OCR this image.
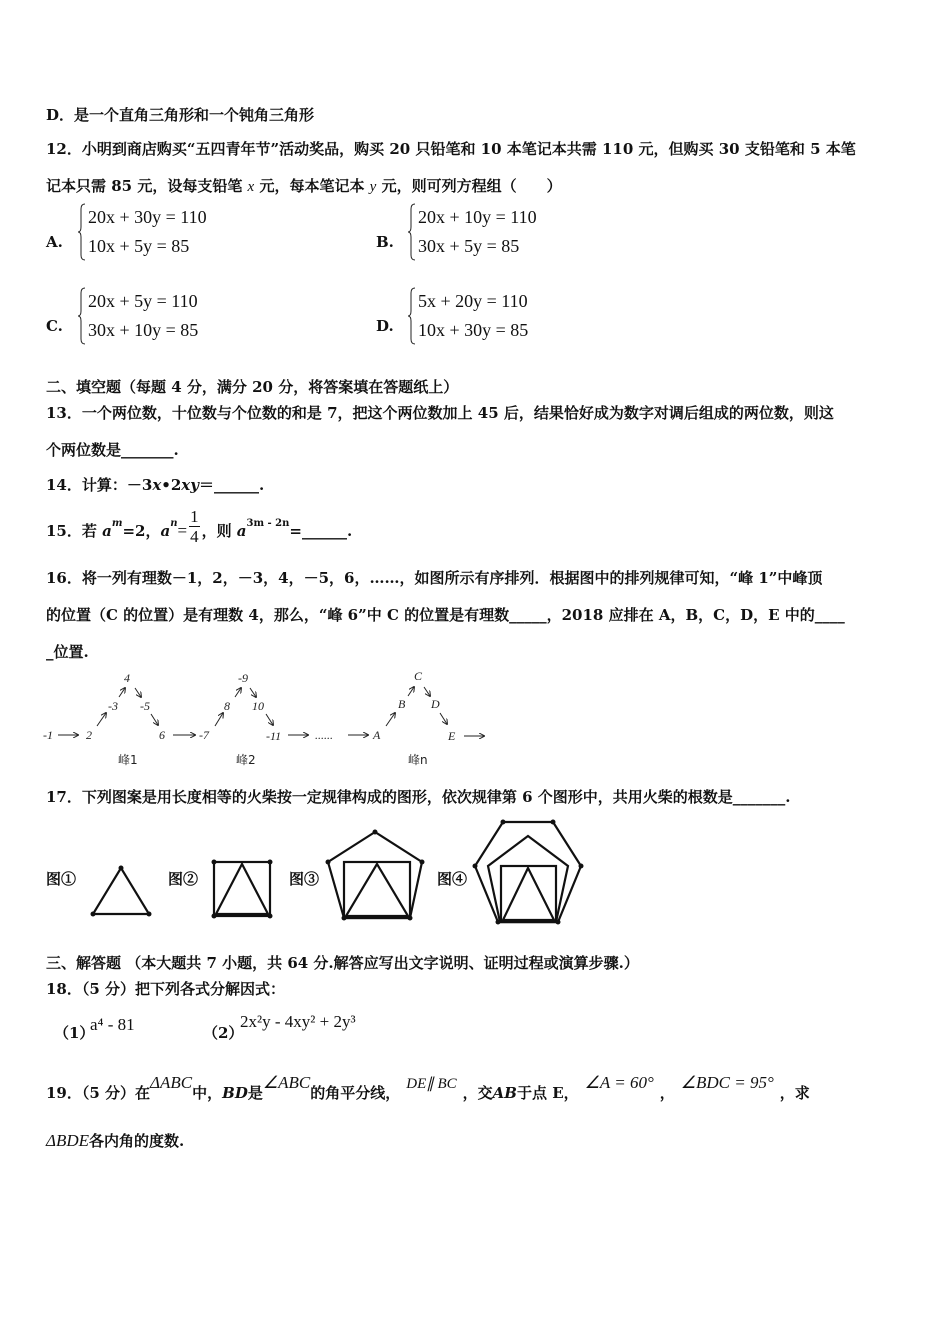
D．是一个直角三角形和一个钝角三角形
12．小明到商店购买“五四青年节”活动奖品，购买 20 只铅笔和 10 本笔记本共需 110 元，但购买 30 支铅笔和 5 本笔
记本只需 85 元，设每支铅笔 x 元，每本笔记本 y 元，则可列方程组（　　）
A.
20x + 30y = 110
10x + 5y = 85	B.
20x + 10y = 110
30x + 5y = 85
C.
20x + 5y = 110
30x + 10y = 85	D.
5x + 20y = 110
10x + 30y = 85
二、填空题（每题 4 分，满分 20 分，将答案填在答题纸上）
13．一个两位数，十位数与个位数的和是 7，把这个两位数加上 45 后，结果恰好成为数字对调后组成的两位数，则这
个两位数是_______.
14．计算：－3x•2xy＝______.
15．若 $a^m=2$，$a^n= \frac{1}{4}$ ，则 $a^{3m - 2n}=\_\_\_\_\_\_$.
16．将一列有理数－1，2，－3，4，－5，6，……，如图所示有序排列．根据图中的排列规律可知，“峰 1”中峰顶
的位置（C 的位置）是有理数 4，那么，“峰 6”中 C 的位置是有理数_____，2018 应排在 A，B，C，D，E 中的____
_位置.
-1	2
-3
4
-5
6	-7
8
-9
10
-11	......	A
B
C
D
E
峰1	峰2	峰n
17．下列图案是用长度相等的火柴按一定规律构成的图形，依次规律第 6 个图形中，共用火柴的根数是_______.
图①	图②	图③	图④
三、解答题 （本大题共 7 小题，共 64 分.解答应写出文字说明、证明过程或演算步骤.）
18．（5 分）把下列各式分解因式：
（1）
a⁴ - 81	（2）
2x²y - 4xy² + 2y³
19．（5 分）在ΔABC中，BD是∠ABC的角平分线， DE∥ BC ，交AB于点 E，∠A = 60°，∠BDC = 95°，求
ΔBDE各内角的度数.
